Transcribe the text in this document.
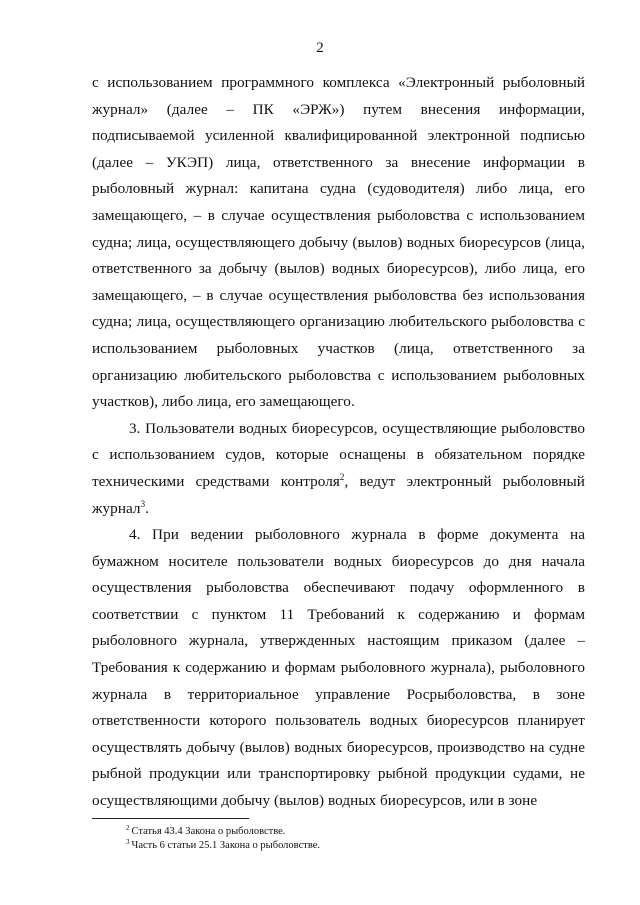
2

с использованием программного комплекса «Электронный рыболовный журнал» (далее – ПК «ЭРЖ») путем внесения информации, подписываемой усиленной квалифицированной электронной подписью (далее – УКЭП) лица, ответственного за внесение информации в рыболовный журнал: капитана судна (судоводителя) либо лица, его замещающего, – в случае осуществления рыболовства с использованием судна; лица, осуществляющего добычу (вылов) водных биоресурсов (лица, ответственного за добычу (вылов) водных биоресурсов), либо лица, его замещающего, – в случае осуществления рыболовства без использования судна; лица, осуществляющего организацию любительского рыболовства с использованием рыболовных участков (лица, ответственного за организацию любительского рыболовства с использованием рыболовных участков), либо лица, его замещающего.

3. Пользователи водных биоресурсов, осуществляющие рыболовство с использованием судов, которые оснащены в обязательном порядке техническими средствами контроля$^2$, ведут электронный рыболовный журнал$^3$.

4. При ведении рыболовного журнала в форме документа на бумажном носителе пользователи водных биоресурсов до дня начала осуществления рыболовства обеспечивают подачу оформленного в соответствии с пунктом 11 Требований к содержанию и формам рыболовного журнала, утвержденных настоящим приказом (далее – Требования к содержанию и формам рыболовного журнала), рыболовного журнала в территориальное управление Росрыболовства, в зоне ответственности которого пользователь водных биоресурсов планирует осуществлять добычу (вылов) водных биоресурсов, производство на судне рыбной продукции или транспортировку рыбной продукции судами, не осуществляющими добычу (вылов) водных биоресурсов, или в зоне

$^2$ Статья 43.4 Закона о рыболовстве.

$^3$ Часть 6 статьи 25.1 Закона о рыболовстве.
